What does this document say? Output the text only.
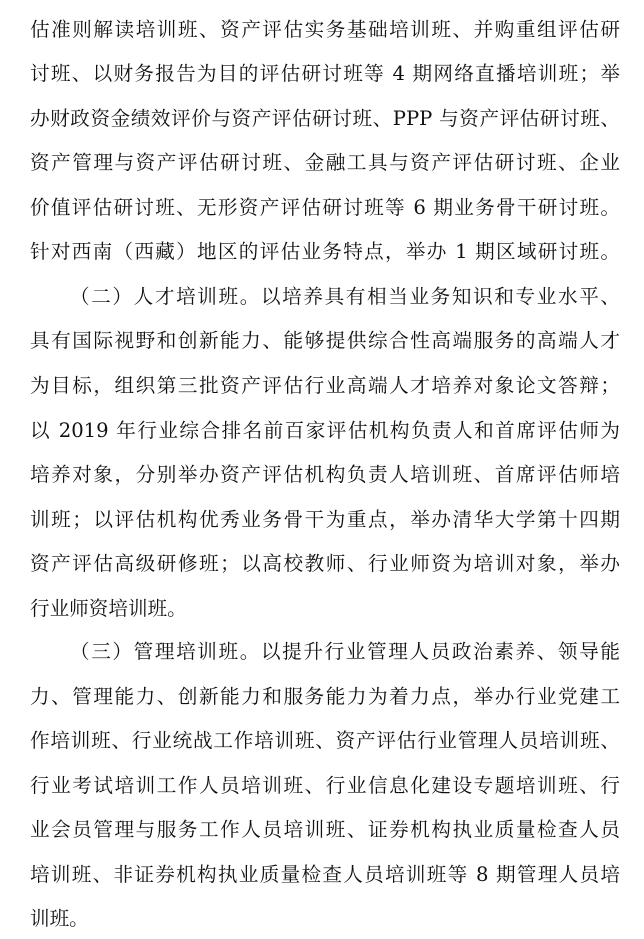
估准则解读培训班、资产评估实务基础培训班、并购重组评估研
讨班、以财务报告为目的评估研讨班等 4 期网络直播培训班；举
办财政资金绩效评价与资产评估研讨班、PPP 与资产评估研讨班、
资产管理与资产评估研讨班、金融工具与资产评估研讨班、企业
价值评估研讨班、无形资产评估研讨班等 6 期业务骨干研讨班。
针对西南（西藏）地区的评估业务特点，举办 1 期区域研讨班。
（二）人才培训班。以培养具有相当业务知识和专业水平、
具有国际视野和创新能力、能够提供综合性高端服务的高端人才
为目标，组织第三批资产评估行业高端人才培养对象论文答辩；
以 2019 年行业综合排名前百家评估机构负责人和首席评估师为
培养对象，分别举办资产评估机构负责人培训班、首席评估师培
训班；以评估机构优秀业务骨干为重点，举办清华大学第十四期
资产评估高级研修班；以高校教师、行业师资为培训对象，举办
行业师资培训班。
（三）管理培训班。以提升行业管理人员政治素养、领导能
力、管理能力、创新能力和服务能力为着力点，举办行业党建工
作培训班、行业统战工作培训班、资产评估行业管理人员培训班、
行业考试培训工作人员培训班、行业信息化建设专题培训班、行
业会员管理与服务工作人员培训班、证券机构执业质量检查人员
培训班、非证券机构执业质量检查人员培训班等 8 期管理人员培
训班。
